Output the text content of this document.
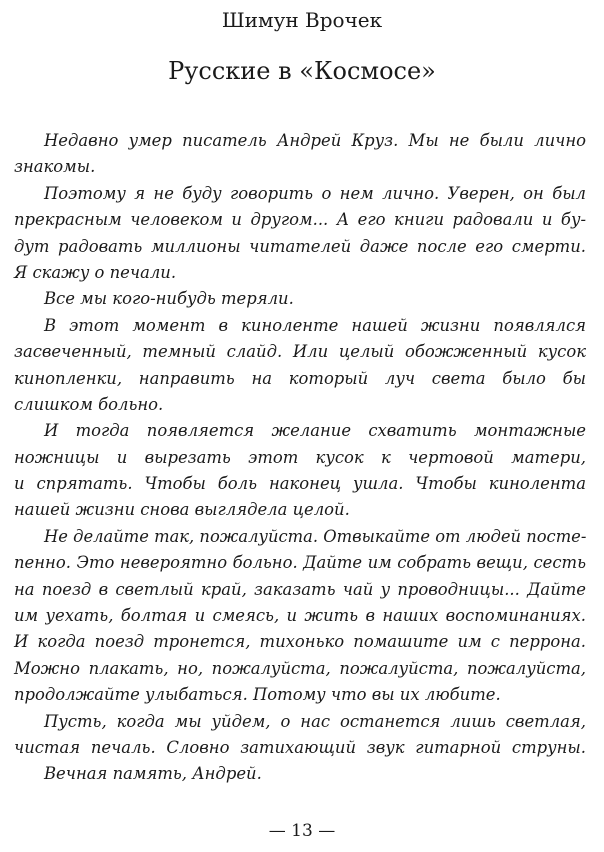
Шимун Врочек
Русские в «Космосе»
Недавно умер писатель Андрей Круз. Мы не были лично
знакомы.
Поэтому я не буду говорить о нем лично. Уверен, он был
прекрасным человеком и другом... А его книги радовали и бу-
дут радовать миллионы читателей даже после его смерти.
Я скажу о печали.
Все мы кого-нибудь теряли.
В этот момент в киноленте нашей жизни появлялся
засвеченный, темный слайд. Или целый обожженный кусок
кинопленки, направить на который луч света было бы
слишком больно.
И тогда появляется желание схватить монтажные
ножницы и вырезать этот кусок к чертовой матери,
и спрятать. Чтобы боль наконец ушла. Чтобы кинолента
нашей жизни снова выглядела целой.
Не делайте так, пожалуйста. Отвыкайте от людей посте-
пенно. Это невероятно больно. Дайте им собрать вещи, сесть
на поезд в светлый край, заказать чай у проводницы... Дайте
им уехать, болтая и смеясь, и жить в наших воспоминаниях.
И когда поезд тронется, тихонько помашите им с перрона.
Можно плакать, но, пожалуйста, пожалуйста, пожалуйста,
продолжайте улыбаться. Потому что вы их любите.
Пусть, когда мы уйдем, о нас останется лишь светлая,
чистая печаль. Словно затихающий звук гитарной струны.
Вечная память, Андрей.
— 13 —
